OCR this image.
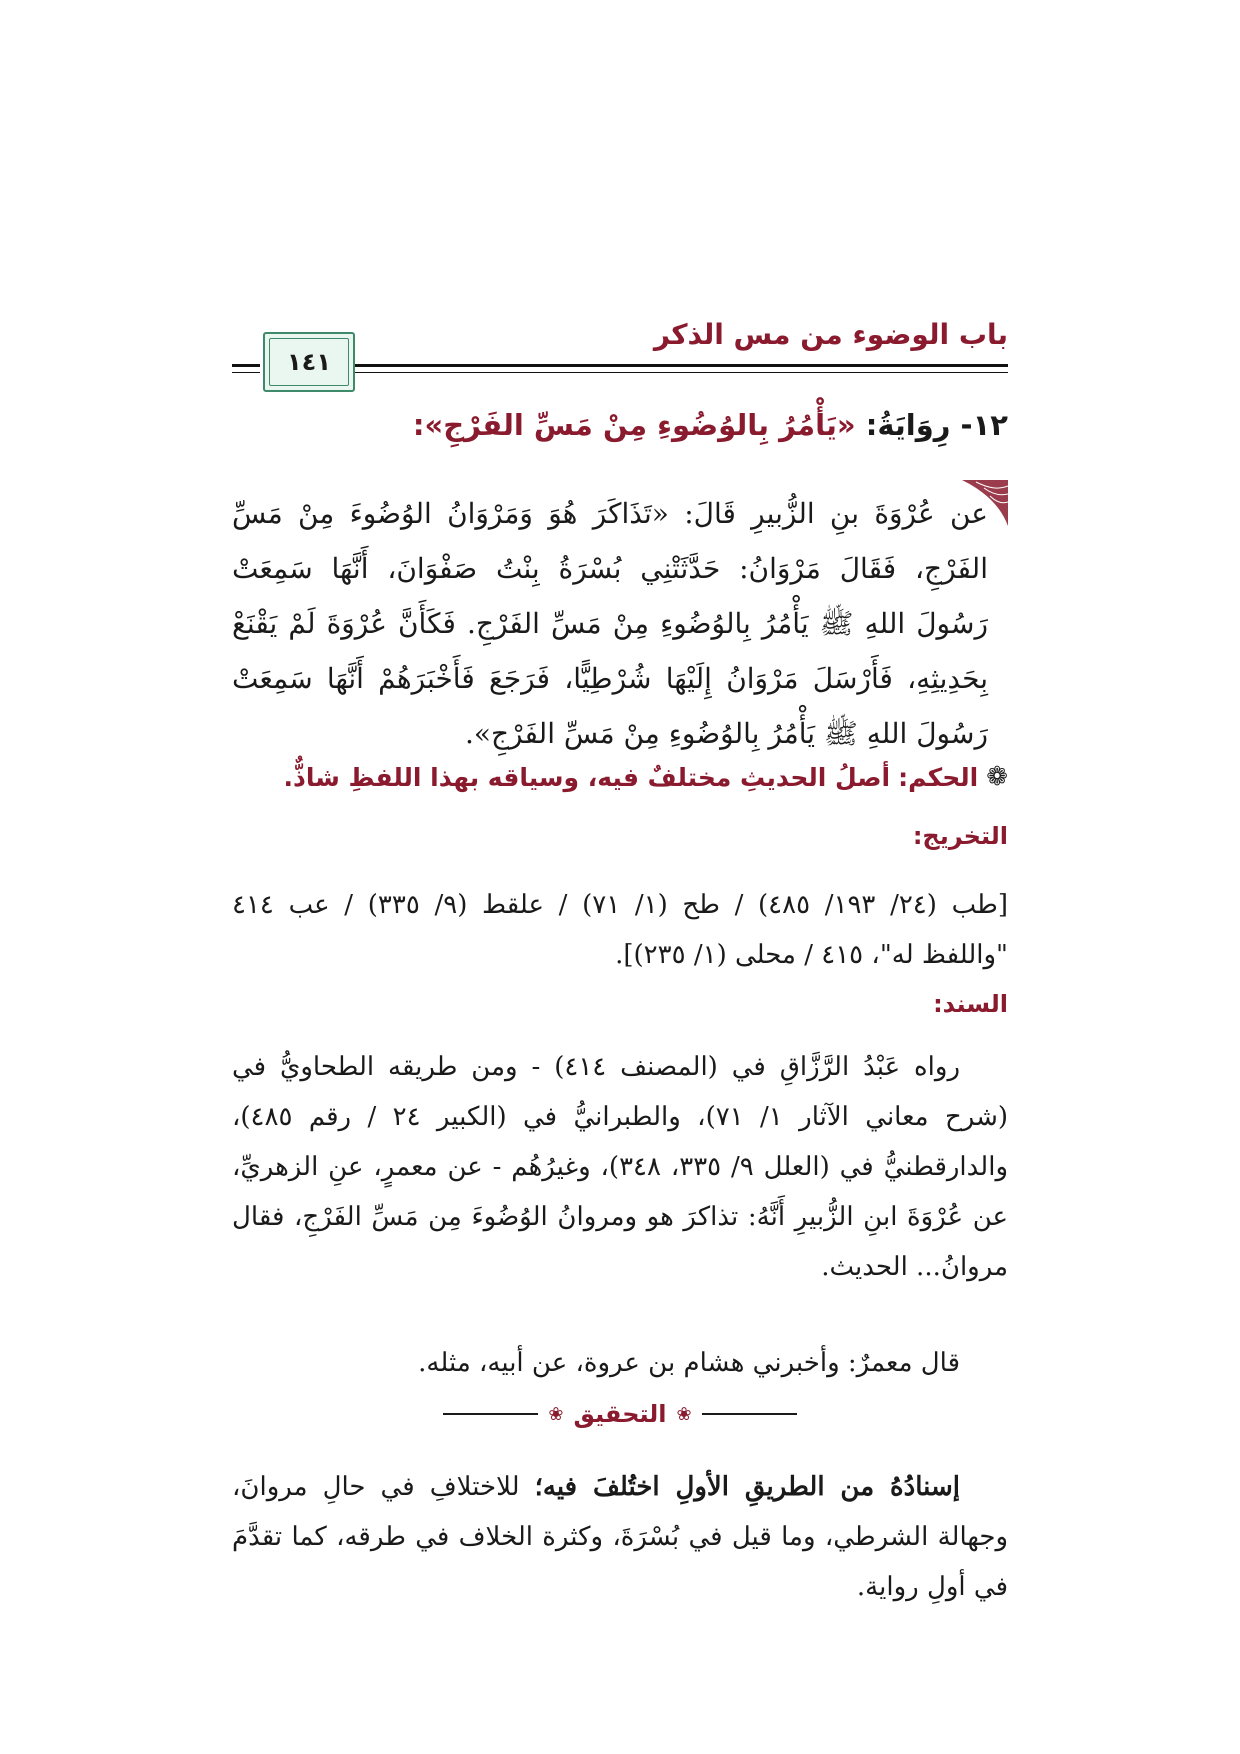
باب الوضوء من مس الذكر
١٤١
١٢- رِوَايَةُ: «يَأْمُرُ بِالوُضُوءِ مِنْ مَسِّ الفَرْجِ»:
عن عُرْوَةَ بنِ الزُّبيرِ قَالَ: «تَذَاكَرَ هُوَ وَمَرْوَانُ الوُضُوءَ مِنْ مَسِّ الفَرْجِ، فَقَالَ مَرْوَانُ: حَدَّثَتْنِي بُسْرَةُ بِنْتُ صَفْوَانَ، أَنَّهَا سَمِعَتْ رَسُولَ اللهِ ﷺ يَأْمُرُ بِالوُضُوءِ مِنْ مَسِّ الفَرْجِ. فَكَأَنَّ عُرْوَةَ لَمْ يَقْنَعْ بِحَدِيثِهِ، فَأَرْسَلَ مَرْوَانُ إِلَيْهَا شُرْطِيًّا، فَرَجَعَ فَأَخْبَرَهُمْ أَنَّهَا سَمِعَتْ رَسُولَ اللهِ ﷺ يَأْمُرُ بِالوُضُوءِ مِنْ مَسِّ الفَرْجِ».
❁
الحكم:
أصلُ الحديثِ مختلفٌ فيه، وسياقه بهذا اللفظِ شاذٌّ.
التخريج:
[طب (٢٤/ ١٩٣/ ٤٨٥) / طح (١/ ٧١) / علقط (٩/ ٣٣٥) / عب ٤١٤ "واللفظ له"، ٤١٥ / محلى (١/ ٢٣٥)].
السند:
رواه عَبْدُ الرَّزَّاقِ في (المصنف ٤١٤) - ومن طريقه الطحاويُّ في (شرح معاني الآثار ١/ ٧١)، والطبرانيُّ في (الكبير ٢٤ / رقم ٤٨٥)، والدارقطنيُّ في (العلل ٩/ ٣٣٥، ٣٤٨)، وغيرُهُم - عن معمرٍ، عنِ الزهريِّ، عن عُرْوَةَ ابنِ الزُّبيرِ أَنَّهُ: تذاكرَ هو ومروانُ الوُضُوءَ مِن مَسِّ الفَرْجِ، فقال مروانُ... الحديث.
قال معمرٌ: وأخبرني هشام بن عروة، عن أبيه، مثله.
❀
التحقيق
❀
إسنادُهُ من الطريقِ الأولِ اختُلفَ فيه؛ للاختلافِ في حالِ مروانَ، وجهالة الشرطي، وما قيل في بُسْرَةَ، وكثرة الخلاف في طرقه، كما تقدَّمَ في أولِ رواية.
